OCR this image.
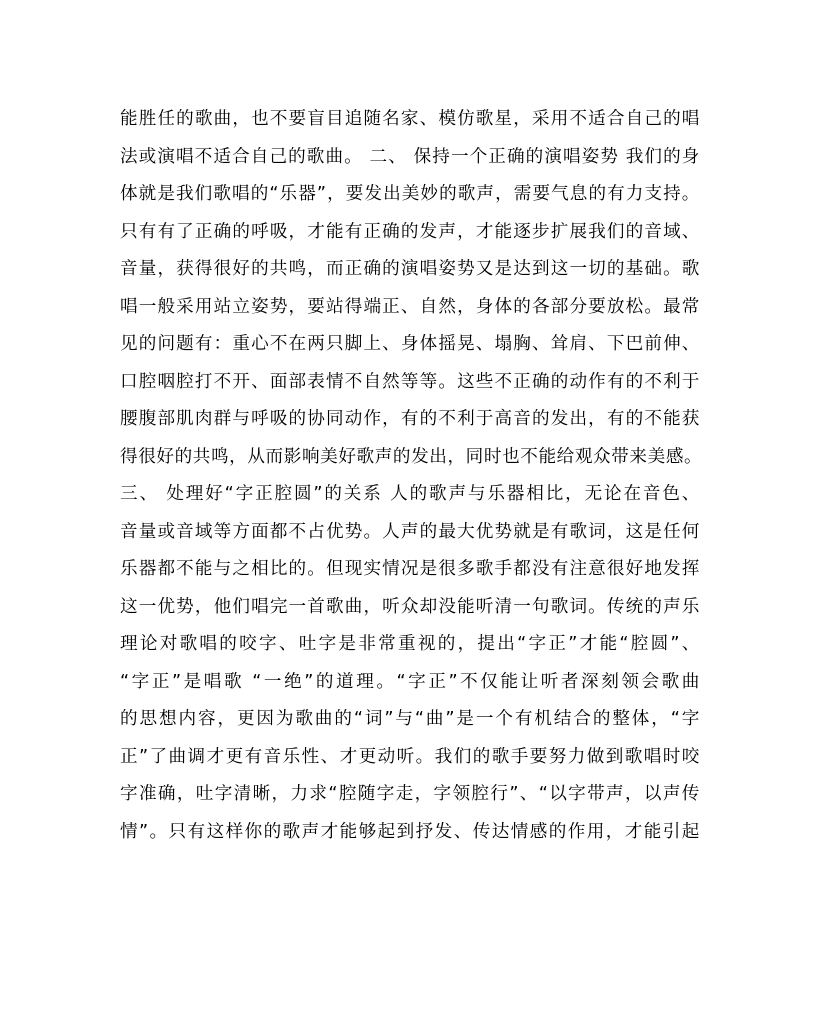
能胜任的歌曲，也不要盲目追随名家、模仿歌星，采用不适合自己的唱
法或演唱不适合自己的歌曲。 二、 保持一个正确的演唱姿势 我们的身
体就是我们歌唱的“乐器”，要发出美妙的歌声，需要气息的有力支持。
只有有了正确的呼吸，才能有正确的发声，才能逐步扩展我们的音域、
音量，获得很好的共鸣，而正确的演唱姿势又是达到这一切的基础。歌
唱一般采用站立姿势，要站得端正、自然，身体的各部分要放松。最常
见的问题有：重心不在两只脚上、身体摇晃、塌胸、耸肩、下巴前伸、
口腔咽腔打不开、面部表情不自然等等。这些不正确的动作有的不利于
腰腹部肌肉群与呼吸的协同动作，有的不利于高音的发出，有的不能获
得很好的共鸣，从而影响美好歌声的发出，同时也不能给观众带来美感。
三、 处理好“字正腔圆”的关系 人的歌声与乐器相比，无论在音色、
音量或音域等方面都不占优势。人声的最大优势就是有歌词，这是任何
乐器都不能与之相比的。但现实情况是很多歌手都没有注意很好地发挥
这一优势，他们唱完一首歌曲，听众却没能听清一句歌词。传统的声乐
理论对歌唱的咬字、吐字是非常重视的，提出“字正”才能“腔圆”、
“字正”是唱歌 “一绝”的道理。“字正”不仅能让听者深刻领会歌曲
的思想内容，更因为歌曲的“词”与“曲”是一个有机结合的整体，“字
正”了曲调才更有音乐性、才更动听。我们的歌手要努力做到歌唱时咬
字准确，吐字清晰，力求“腔随字走，字领腔行”、“以字带声，以声传
情”。只有这样你的歌声才能够起到抒发、传达情感的作用，才能引起
